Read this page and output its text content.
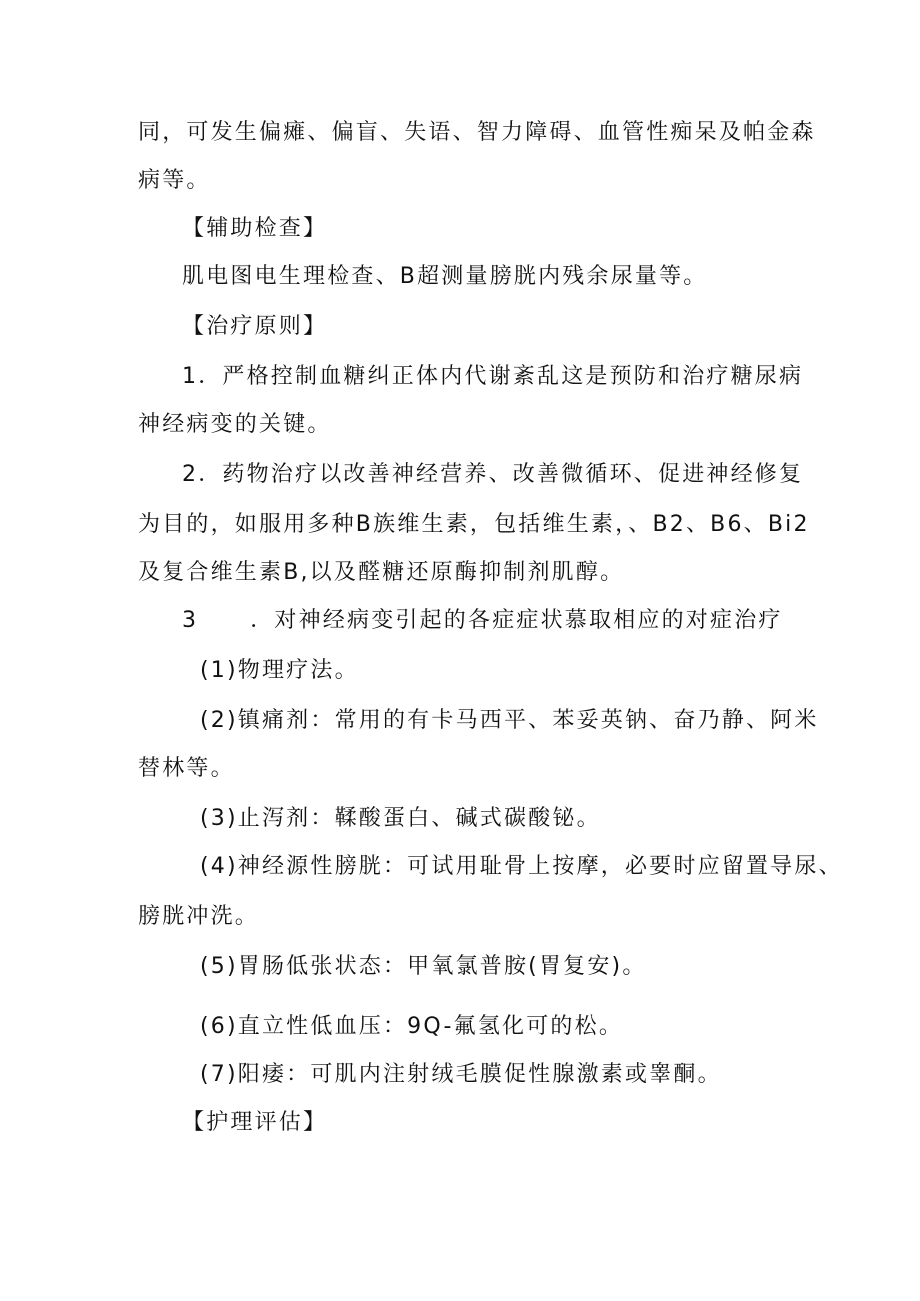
同，可发生偏瘫、偏盲、失语、智力障碍、血管性痴呆及帕金森
病等。
【辅助检查】
肌电图电生理检查、B超测量膀胱内残余尿量等。
【治疗原则】
1．严格控制血糖纠正体内代谢紊乱这是预防和治疗糖尿病
神经病变的关键。
2．药物治疗以改善神经营养、改善微循环、促进神经修复
为目的，如服用多种B族维生素，包括维生素，、B2、B6、Bi2
及复合维生素B,以及醛糖还原酶抑制剂肌醇。
3 ．对神经病变引起的各症症状慕取相应的对症治疗
(1)物理疗法。
(2)镇痛剂：常用的有卡马西平、苯妥英钠、奋乃静、阿米
替林等。
(3)止泻剂：鞣酸蛋白、碱式碳酸铋。
(4)神经源性膀胱：可试用耻骨上按摩，必要时应留置导尿、
膀胱冲洗。
(5)胃肠低张状态：甲氧氯普胺(胃复安)。
(6)直立性低血压：9Q-氟氢化可的松。
(7)阳痿：可肌内注射绒毛膜促性腺激素或睾酮。
【护理评估】
